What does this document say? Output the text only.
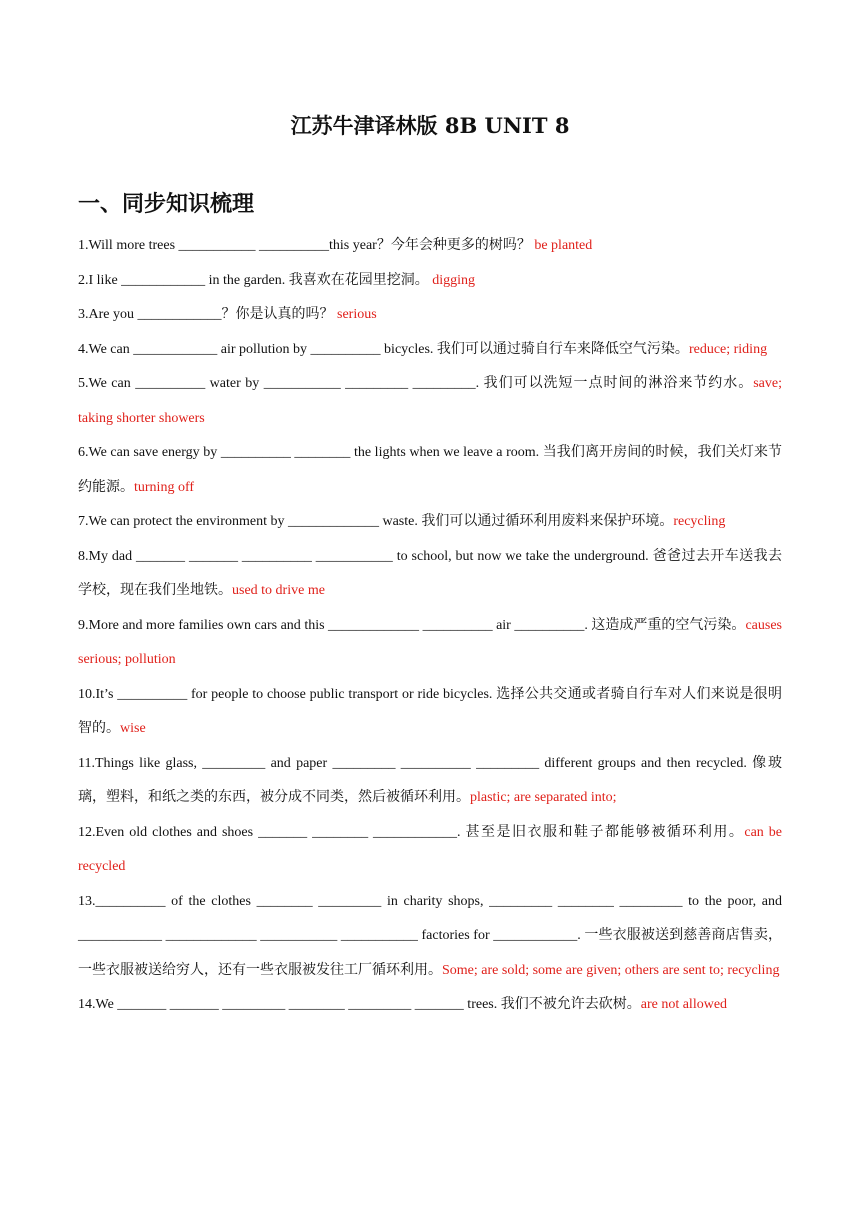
江苏牛津译林版 8B UNIT 8
一、同步知识梳理

1.Will more trees ___________ __________this year？今年会种更多的树吗？ be planted

2.I like ____________ in the garden. 我喜欢在花园里挖洞。 digging

3.Are you ____________？你是认真的吗？ serious

4.We can ____________ air pollution by __________ bicycles. 我们可以通过骑自行车来降低空气污染。reduce; riding

5.We can __________ water by ___________ _________ _________. 我们可以洗短一点时间的淋浴来节约水。save; taking shorter showers

6.We can save energy by __________ ________ the lights when we leave a room. 当我们离开房间的时候，我们关灯来节约能源。turning off

7.We can protect the environment by _____________ waste. 我们可以通过循环利用废料来保护环境。recycling

8.My dad _______ _______ __________ ___________ to school, but now we take the underground. 爸爸过去开车送我去学校，现在我们坐地铁。used to drive me

9.More and more families own cars and this _____________ __________ air __________. 这造成严重的空气污染。causes serious; pollution

10.It’s __________ for people to choose public transport or ride bicycles. 选择公共交通或者骑自行车对人们来说是很明智的。wise

11.Things like glass, _________ and paper _________ __________ _________ different groups and then recycled. 像玻璃，塑料，和纸之类的东西，被分成不同类，然后被循环利用。plastic; are separated into;

12.Even old clothes and shoes _______ ________ ____________. 甚至是旧衣服和鞋子都能够被循环利用。can be recycled

13.__________ of the clothes ________ _________ in charity shops, _________ ________ _________ to the poor, and ____________ _____________ ___________ ___________ factories for ____________. 一些衣服被送到慈善商店售卖，一些衣服被送给穷人，还有一些衣服被发往工厂循环利用。Some; are sold; some are given; others are sent to; recycling

14.We _______ _______ _________ ________ _________ _______ trees. 我们不被允许去砍树。are not allowed
